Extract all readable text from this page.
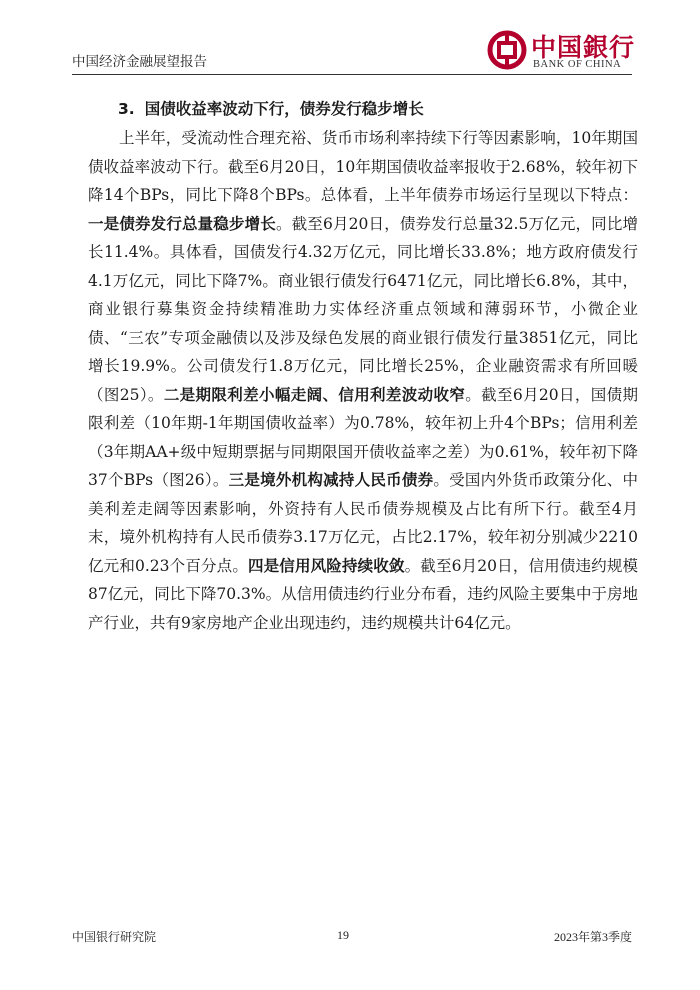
中国经济金融展望报告	中国銀行
BANK OF CHINA
3. 国债收益率波动下行，债券发行稳步增长

上半年，受流动性合理充裕、货币市场利率持续下行等因素影响，10年期国债收益率波动下行。截至6月20日，10年期国债收益率报收于2.68%，较年初下降14个BPs，同比下降8个BPs。总体看，上半年债券市场运行呈现以下特点：一是债券发行总量稳步增长。截至6月20日，债券发行总量32.5万亿元，同比增长11.4%。具体看，国债发行4.32万亿元，同比增长33.8%；地方政府债发行4.1万亿元，同比下降7%。商业银行债发行6471亿元，同比增长6.8%，其中，商业银行募集资金持续精准助力实体经济重点领域和薄弱环节，小微企业债、“三农”专项金融债以及涉及绿色发展的商业银行债发行量3851亿元，同比增长19.9%。公司债发行1.8万亿元，同比增长25%，企业融资需求有所回暖（图25）。二是期限利差小幅走阔、信用利差波动收窄。截至6月20日，国债期限利差（10年期-1年期国债收益率）为0.78%，较年初上升4个BPs；信用利差（3年期AA+级中短期票据与同期限国开债收益率之差）为0.61%，较年初下降37个BPs（图26）。三是境外机构减持人民币债券。受国内外货币政策分化、中美利差走阔等因素影响，外资持有人民币债券规模及占比有所下行。截至4月末，境外机构持有人民币债券3.17万亿元，占比2.17%，较年初分别减少2210亿元和0.23个百分点。四是信用风险持续收敛。截至6月20日，信用债违约规模87亿元，同比下降70.3%。从信用债违约行业分布看，违约风险主要集中于房地产行业，共有9家房地产企业出现违约，违约规模共计64亿元。

中国银行研究院	19	2023年第3季度
